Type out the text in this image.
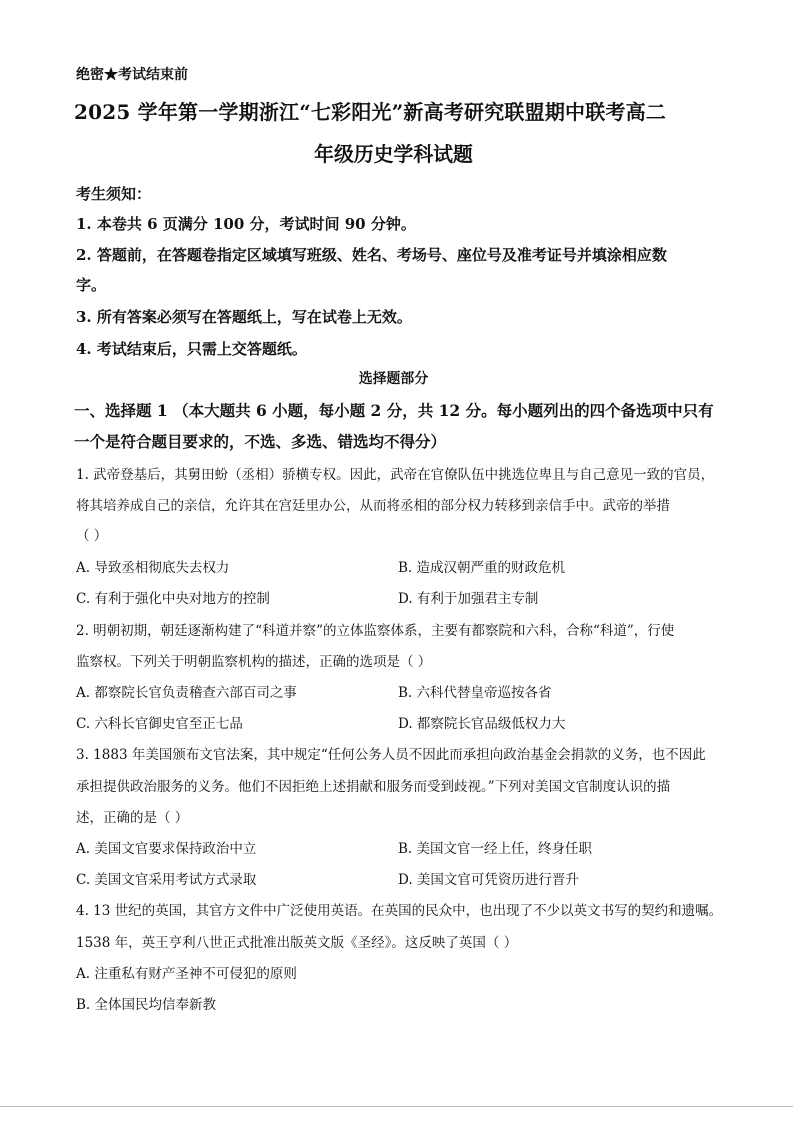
绝密★考试结束前
2025 学年第一学期浙江“七彩阳光”新高考研究联盟期中联考高二
年级历史学科试题
考生须知：
1. 本卷共 6 页满分 100 分，考试时间 90 分钟。
2. 答题前，在答题卷指定区域填写班级、姓名、考场号、座位号及准考证号并填涂相应数
字。
3. 所有答案必须写在答题纸上，写在试卷上无效。
4. 考试结束后，只需上交答题纸。
选择题部分
一、选择题 1 （本大题共 6 小题，每小题 2 分，共 12 分。每小题列出的四个备选项中只有
一个是符合题目要求的，不选、多选、错选均不得分）
1. 武帝登基后，其舅田蚡（丞相）骄横专权。因此，武帝在官僚队伍中挑选位卑且与自己意见一致的官员，
将其培养成自己的亲信，允许其在宫廷里办公，从而将丞相的部分权力转移到亲信手中。武帝的举措
（ ）
A. 导致丞相彻底失去权力	B. 造成汉朝严重的财政危机
C. 有利于强化中央对地方的控制	D. 有利于加强君主专制
2. 明朝初期，朝廷逐渐构建了“科道并察”的立体监察体系，主要有都察院和六科，合称“科道”，行使
监察权。下列关于明朝监察机构的描述，正确的选项是（ ）
A. 都察院长官负责稽查六部百司之事	B. 六科代替皇帝巡按各省
C. 六科长官御史官至正七品	D. 都察院长官品级低权力大
3. 1883 年美国颁布文官法案，其中规定“任何公务人员不因此而承担向政治基金会捐款的义务，也不因此
承担提供政治服务的义务。他们不因拒绝上述捐献和服务而受到歧视。”下列对美国文官制度认识的描
述，正确的是（ ）
A. 美国文官要求保持政治中立	B. 美国文官一经上任，终身任职
C. 美国文官采用考试方式录取	D. 美国文官可凭资历进行晋升
4. 13 世纪的英国，其官方文件中广泛使用英语。在英国的民众中，也出现了不少以英文书写的契约和遗嘱。
1538 年，英王亨利八世正式批准出版英文版《圣经》。这反映了英国（ ）
A. 注重私有财产圣神不可侵犯的原则
B. 全体国民均信奉新教
